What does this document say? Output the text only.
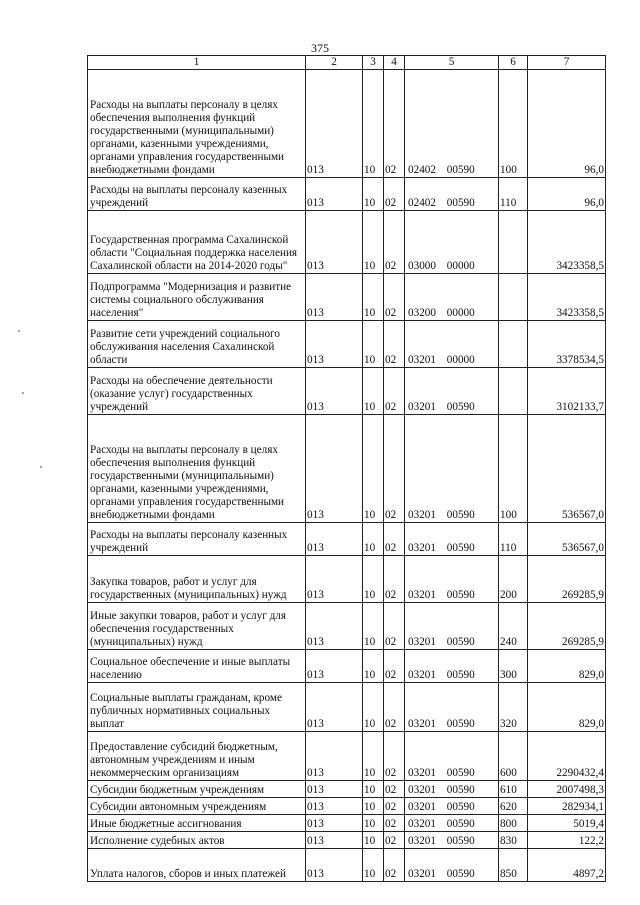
375
1	2	3	4	5	6	7
Расходы на выплаты персоналу в целях обеспечения выполнения функций государственными (муниципальными) органами, казенными учреждениями, органами управления государственными внебюджетными фондами	013	10	02	02402 00590	100	96,0
Расходы на выплаты персоналу казенных учреждений	013	10	02	02402 00590	110	96,0
Государственная программа Сахалинской области "Социальная поддержка населения Сахалинской области на 2014-2020 годы"	013	10	02	03000 00000		3423358,5
Подпрограмма "Модернизация и развитие системы социального обслуживания населения"	013	10	02	03200 00000		3423358,5
Развитие сети учреждений социального обслуживания населения Сахалинской области	013	10	02	03201 00000		3378534,5
Расходы на обеспечение деятельности (оказание услуг) государственных учреждений	013	10	02	03201 00590		3102133,7
Расходы на выплаты персоналу в целях обеспечения выполнения функций государственными (муниципальными) органами, казенными учреждениями, органами управления государственными внебюджетными фондами	013	10	02	03201 00590	100	536567,0
Расходы на выплаты персоналу казенных учреждений	013	10	02	03201 00590	110	536567,0
Закупка товаров, работ и услуг для государственных (муниципальных) нужд	013	10	02	03201 00590	200	269285,9
Иные закупки товаров, работ и услуг для обеспечения государственных (муниципальных) нужд	013	10	02	03201 00590	240	269285,9
Социальное обеспечение и иные выплаты населению	013	10	02	03201 00590	300	829,0
Социальные выплаты гражданам, кроме публичных нормативных социальных выплат	013	10	02	03201 00590	320	829,0
Предоставление субсидий бюджетным, автономным учреждениям и иным некоммерческим организациям	013	10	02	03201 00590	600	2290432,4
Субсидии бюджетным учреждениям	013	10	02	03201 00590	610	2007498,3
Субсидии автономным учреждениям	013	10	02	03201 00590	620	282934,1
Иные бюджетные ассигнования	013	10	02	03201 00590	800	5019,4
Исполнение судебных актов	013	10	02	03201 00590	830	122,2
Уплата налогов, сборов и иных платежей	013	10	02	03201 00590	850	4897,2
